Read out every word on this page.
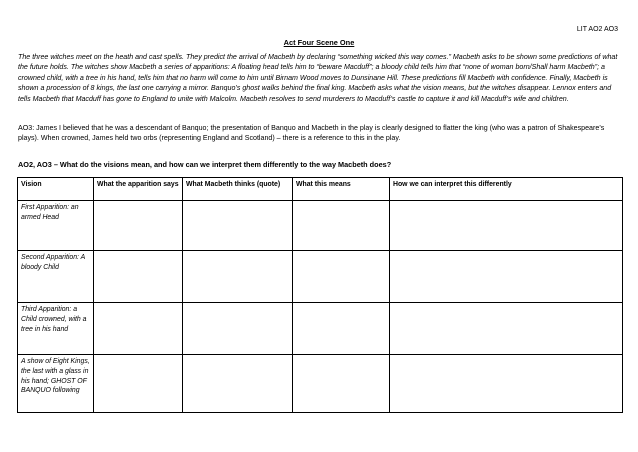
LIT AO2 AO3
Act Four Scene One

The three witches meet on the heath and cast spells. They predict the arrival of Macbeth by declaring “something wicked this way comes.” Macbeth asks to be shown some predictions of what the future holds. The witches show Macbeth a series of apparitions: A floating head tells him to “beware Macduff”; a bloody child tells him that “none of woman born/Shall harm Macbeth”; a crowned child, with a tree in his hand, tells him that no harm will come to him until Birnam Wood moves to Dunsinane Hill. These predictions fill Macbeth with confidence. Finally, Macbeth is shown a procession of 8 kings, the last one carrying a mirror. Banquo’s ghost walks behind the final king. Macbeth asks what the vision means, but the witches disappear. Lennox enters and tells Macbeth that Macduff has gone to England to unite with Malcolm. Macbeth resolves to send murderers to Macduff’s castle to capture it and kill Macduff’s wife and children.

AO3: James I believed that he was a descendant of Banquo; the presentation of Banquo and Macbeth in the play is clearly designed to flatter the king (who was a patron of Shakespeare’s plays). When crowned, James held two orbs (representing England and Scotland) – there is a reference to this in the play.

AO2, AO3 – What do the visions mean, and how can we interpret them differently to the way Macbeth does?

Vision	What the apparition says	What Macbeth thinks (quote)	What this means	How we can interpret this differently
First Apparition: an armed Head				
Second Apparition: A bloody Child				
Third Apparition: a Child crowned, with a tree in his hand				
A show of Eight Kings, the last with a glass in his hand; GHOST OF BANQUO following				
